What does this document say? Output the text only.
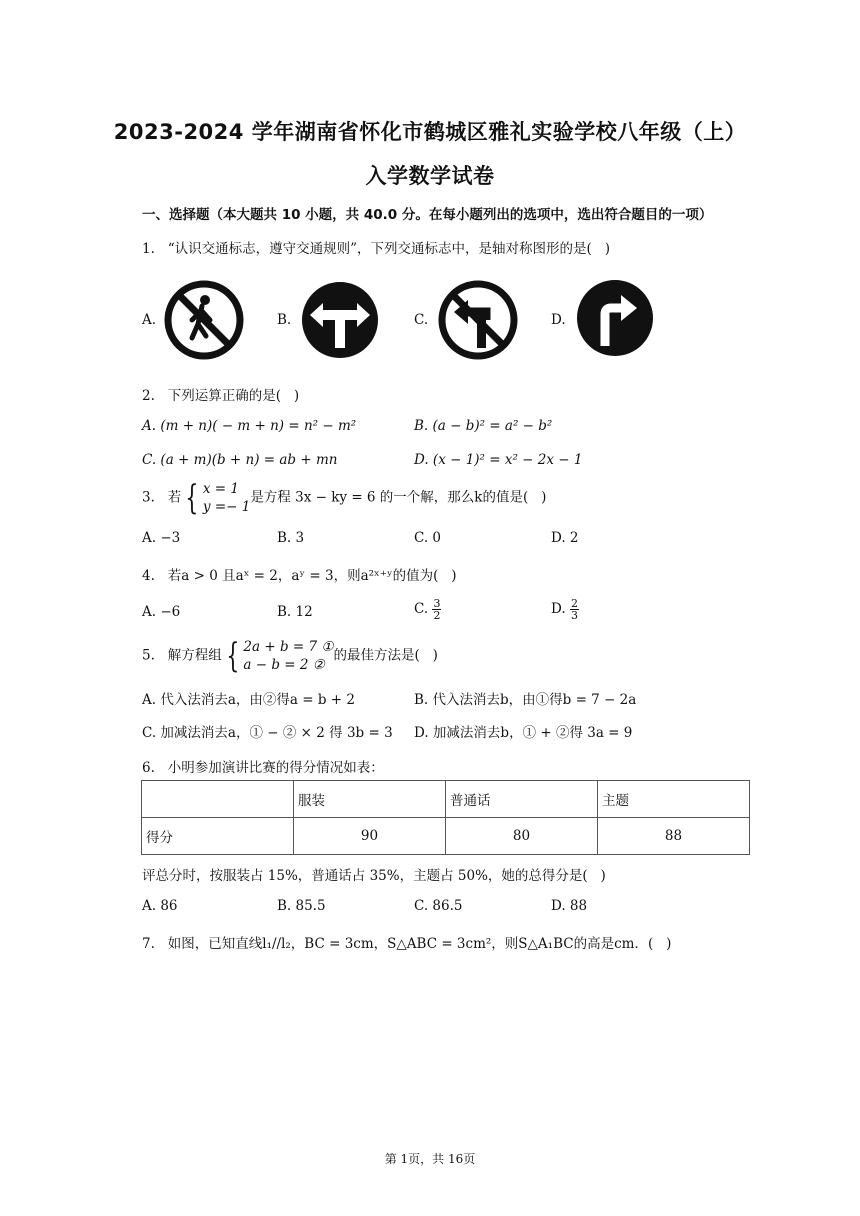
2023-2024 学年湖南省怀化市鹤城区雅礼实验学校八年级（上）
入学数学试卷
一、选择题（本大题共 10 小题，共 40.0 分。在每小题列出的选项中，选出符合题目的一项）
1.   “认识交通标志，遵守交通规则”，下列交通标志中，是轴对称图形的是(   )
A.	B.	C.	D.
2.   下列运算正确的是(   )
A. (m + n)( − m + n) = n² − m²	B. (a − b)² = a² − b²
C. (a + m)(b + n) = ab + mn	D. (x − 1)² = x² − 2x − 1
3.   若 { x = 1
y =− 1
是方程 3x − ky = 6 的一个解，那么k的值是(   )
A. −3	B. 3	C. 0	D. 2
4.   若a > 0 且aˣ = 2，aʸ = 3，则a²ˣ⁺ʸ的值为(   )
A. −6	B. 12	C. $\frac{3}{2}$	D. $\frac{2}{3}$
5.   解方程组 { 2a + b = 7 ①
a − b = 2 ②
的最佳方法是(   )
A. 代入法消去a，由②得a = b + 2	B. 代入法消去b，由①得b = 7 − 2a
C. 加减法消去a，① − ② × 2 得 3b = 3 D. 加减法消去b，① + ②得 3a = 9
6.   小明参加演讲比赛的得分情况如表：
	服装	普通话	主题
得分	90	80	88
评总分时，按服装占 15%，普通话占 35%，主题占 50%，她的总得分是(   )
A. 86	B. 85.5	C. 86.5	D. 88
7.   如图，已知直线l₁//l₂，BC = 3cm，S△ABC = 3cm²，则S△A₁BC的高是cm．(   )
第 1页，共 16页
